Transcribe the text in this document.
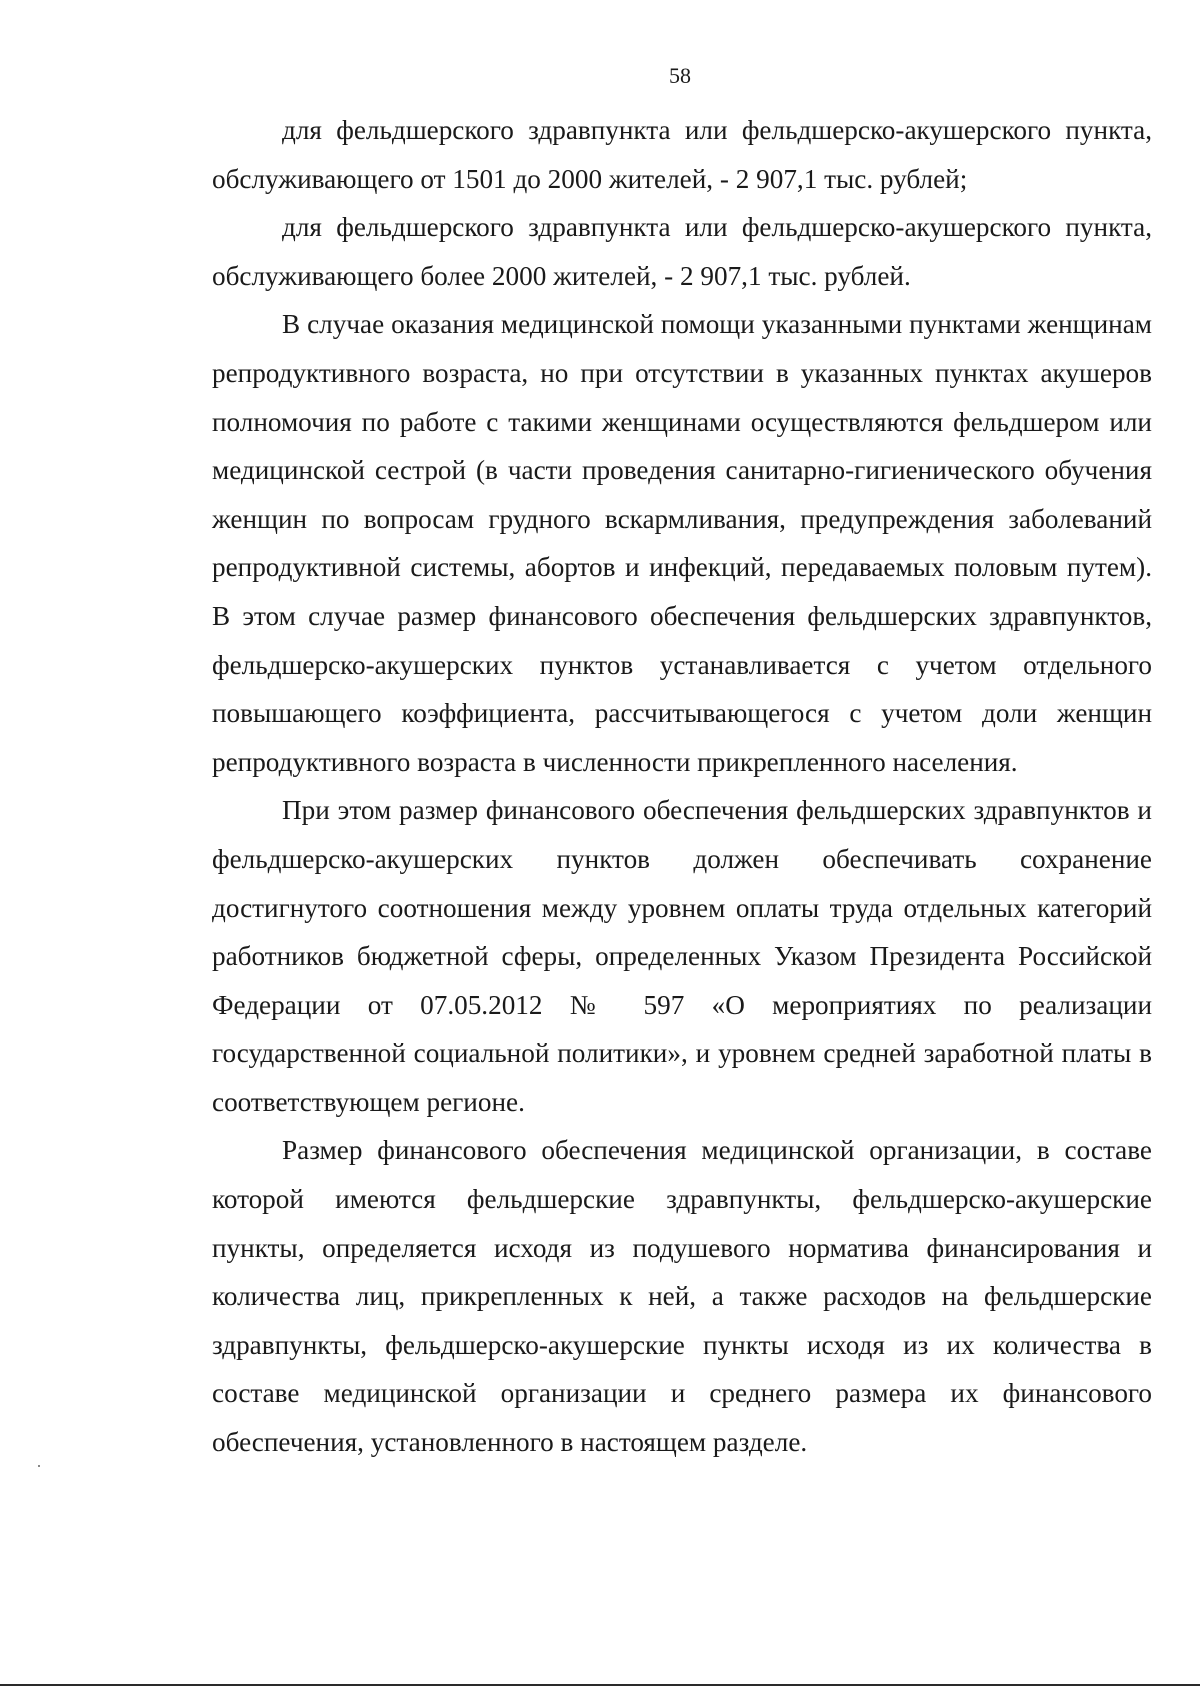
58

для фельдшерского здравпункта или фельдшерско-акушерского пункта, обслуживающего от 1501 до 2000 жителей, - 2 907,1 тыс. рублей;

для фельдшерского здравпункта или фельдшерско-акушерского пункта, обслуживающего более 2000 жителей, - 2 907,1 тыс. рублей.

В случае оказания медицинской помощи указанными пунктами женщинам репродуктивного возраста, но при отсутствии в указанных пунктах акушеров полномочия по работе с такими женщинами осуществляются фельдшером или медицинской сестрой (в части проведения санитарно-гигиенического обучения женщин по вопросам грудного вскармливания, предупреждения заболеваний репродуктивной системы, абортов и инфекций, передаваемых половым путем). В этом случае размер финансового обеспечения фельдшерских здравпунктов, фельдшерско-акушерских пунктов устанавливается с учетом отдельного повышающего коэффициента, рассчитывающегося с учетом доли женщин репродуктивного возраста в численности прикрепленного населения.

При этом размер финансового обеспечения фельдшерских здравпунктов и фельдшерско-акушерских пунктов должен обеспечивать сохранение достигнутого соотношения между уровнем оплаты труда отдельных категорий работников бюджетной сферы, определенных Указом Президента Российской Федерации от 07.05.2012 № 597 «О мероприятиях по реализации государственной социальной политики», и уровнем средней заработной платы в соответствующем регионе.

Размер финансового обеспечения медицинской организации, в составе которой имеются фельдшерские здравпункты, фельдшерско-акушерские пункты, определяется исходя из подушевого норматива финансирования и количества лиц, прикрепленных к ней, а также расходов на фельдшерские здравпункты, фельдшерско-акушерские пункты исходя из их количества в составе медицинской организации и среднего размера их финансового обеспечения, установленного в настоящем разделе.
